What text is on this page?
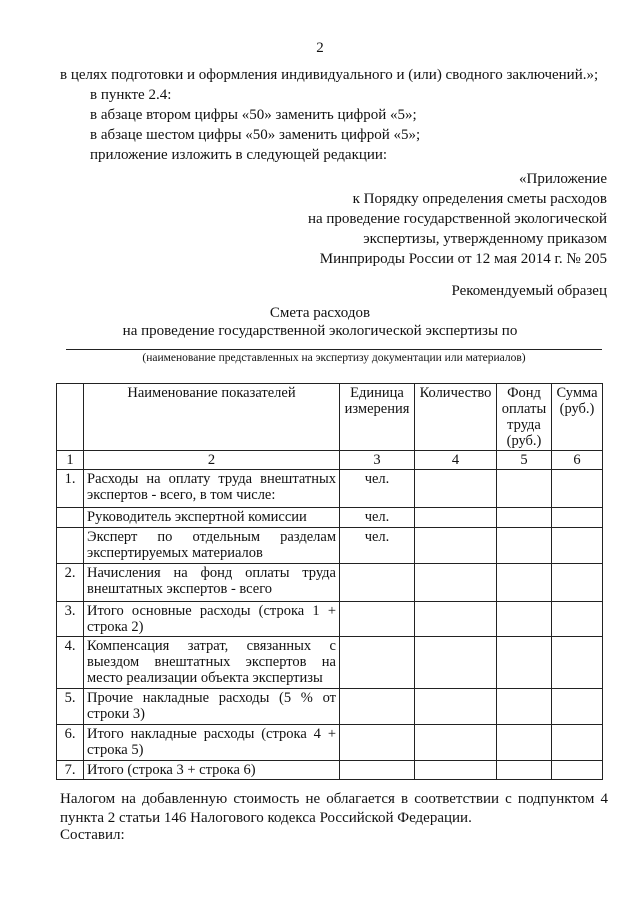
2
в целях подготовки и оформления индивидуального и (или) сводного заключений.»;
в пункте 2.4:
в абзаце втором цифры «50» заменить цифрой «5»;
в абзаце шестом цифры «50» заменить цифрой «5»;
приложение изложить в следующей редакции:
«Приложение
к Порядку определения сметы расходов
на проведение государственной экологической
экспертизы, утвержденному приказом
Минприроды России от 12 мая 2014 г. № 205
Рекомендуемый образец
Смета расходов
на проведение государственной экологической экспертизы по
(наименование представленных на экспертизу документации или материалов)
	Наименование показателей	Единица измерения	Количество	Фонд оплаты труда (руб.)	Сумма (руб.)
1	2	3	4	5	6
1.	Расходы на оплату труда внештатных экспертов - всего, в том числе:	чел.			
	Руководитель экспертной комиссии	чел.			
	Эксперт по отдельным разделам экспертируемых материалов	чел.			
2.	Начисления на фонд оплаты труда внештатных экспертов - всего				
3.	Итого основные расходы (строка 1 + строка 2)				
4.	Компенсация затрат, связанных с выездом внештатных экспертов на место реализации объекта экспертизы				
5.	Прочие накладные расходы (5 % от строки 3)				
6.	Итого накладные расходы (строка 4 + строка 5)				
7.	Итого (строка 3 + строка 6)				
Налогом на добавленную стоимость не облагается в соответствии с подпунктом 4 пункта 2 статьи 146 Налогового кодекса Российской Федерации.
Составил:
